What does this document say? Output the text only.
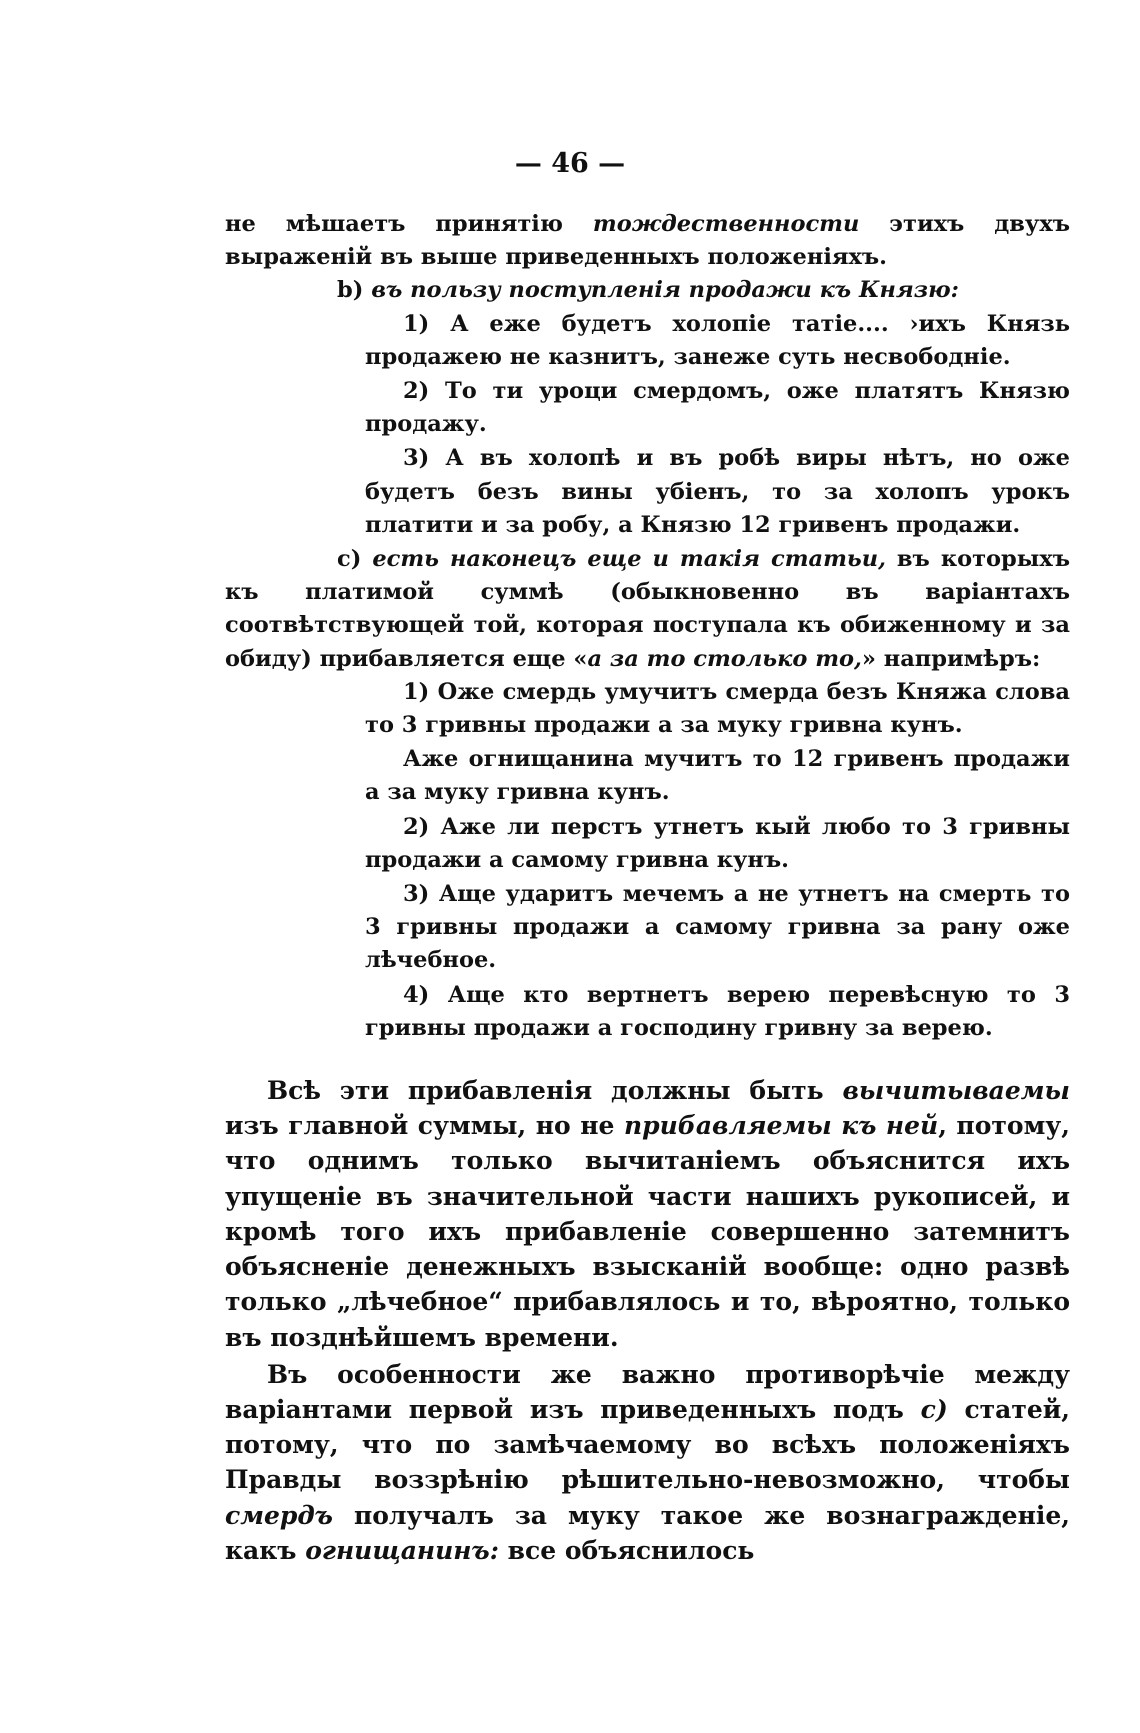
— 46 —

не мѣшаетъ принятію тождественности этихъ двухъ выраженій въ выше приведенныхъ положеніяхъ.

b) въ пользу поступленія продажи къ Князю:

1) А еже будетъ холопіе татіе.... ›ихъ Князь продажею не казнитъ, занеже суть несвободніе.

2) То ти уроци смердомъ, оже платятъ Князю продажу.

3) А въ холопѣ и въ робѣ виры нѣтъ, но оже будетъ безъ вины убіенъ, то за холопъ урокъ платити и за робу, а Князю 12 гривенъ продажи.

c) есть наконецъ еще и такія статьи, въ которыхъ къ платимой суммѣ (обыкновенно въ варіантахъ соотвѣтствующей той, которая поступала къ обиженному и за обиду) прибавляется еще «а за то столько то,» напримѣръ:

1) Оже смердь умучитъ смерда безъ Княжа слова то 3 гривны продажи а за муку гривна кунъ.

Аже огнищанина мучитъ то 12 гривенъ продажи а за муку гривна кунъ.

2) Аже ли перстъ утнетъ кый любо то 3 гривны продажи а самому гривна кунъ.

3) Аще ударитъ мечемъ а не утнетъ на смерть то 3 гривны продажи а самому гривна за рану оже лѣчебное.

4) Аще кто вертнетъ верею перевѣсную то 3 гривны продажи а господину гривну за верею.

Всѣ эти прибавленія должны быть вычитываемы изъ главной суммы, но не прибавляемы къ ней, потому, что однимъ только вычитаніемъ объяснится ихъ упущеніе въ значительной части нашихъ рукописей, и кромѣ того ихъ прибавленіе совершенно затемнитъ объясненіе денежныхъ взысканій вообще: одно развѣ только „лѣчебное“ прибавлялось и то, вѣроятно, только въ позднѣйшемъ времени.

Въ особенности же важно противорѣчіе между варіантами первой изъ приведенныхъ подъ c) статей, потому, что по замѣчаемому во всѣхъ положеніяхъ Правды воззрѣнію рѣшительно-невозможно, чтобы смердъ получалъ за муку такое же вознагражденіе, какъ огнищанинъ: все объяснилось
